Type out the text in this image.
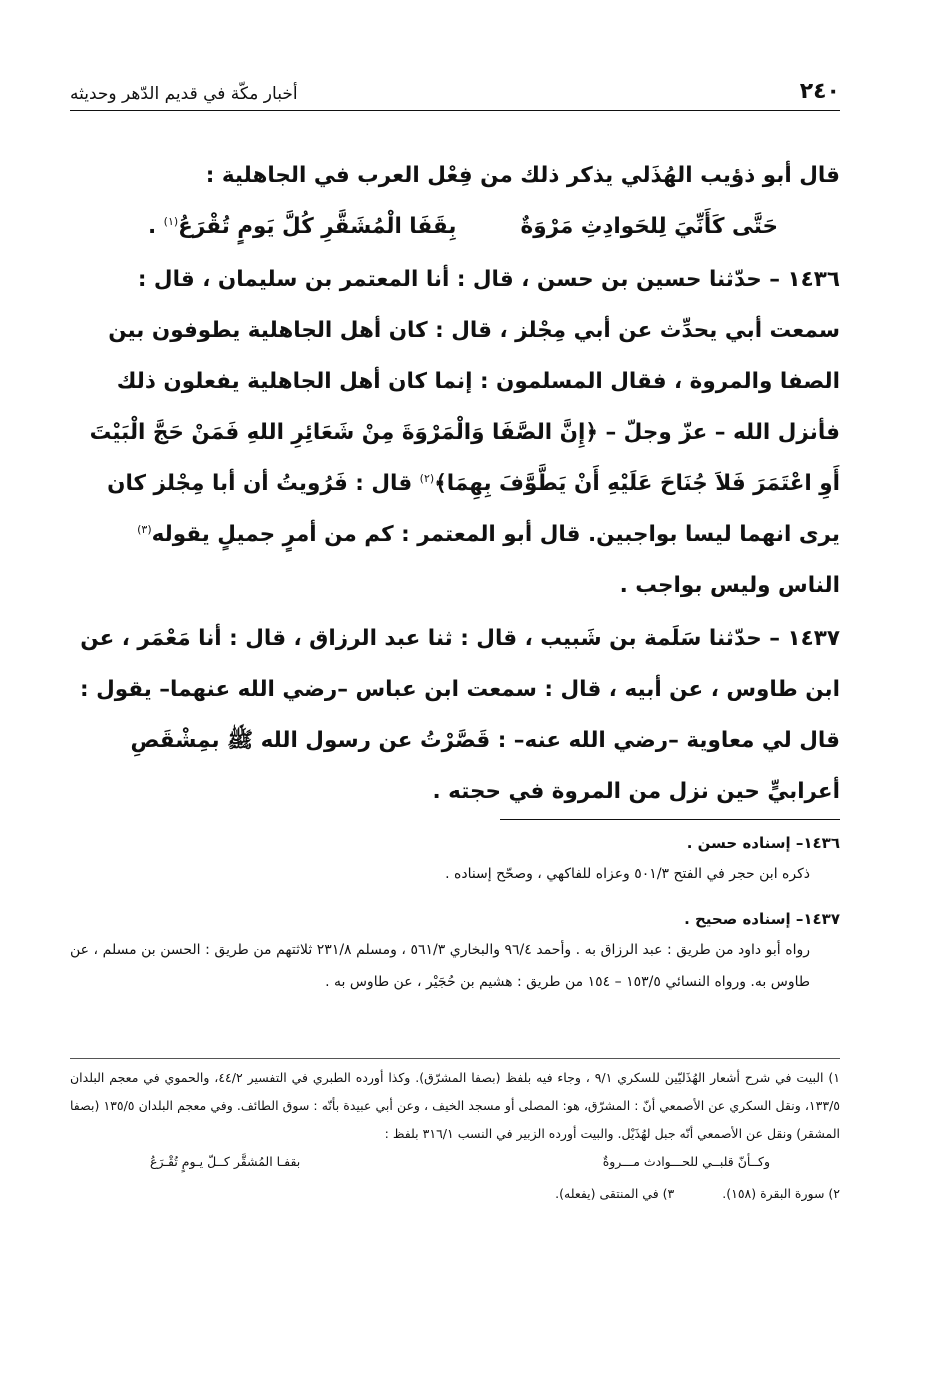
٢٤٠
أخبار مكّة في قديم الدّهر وحديثه

قال أبو ذؤيب الهُذَلي يذكر ذلك من فِعْل العرب في الجاهلية :

حَتَّى كَأَنِّيَ لِلحَوادِثِ مَرْوَةٌ
بِقَفَا الْمُشَقَّرِ كُلَّ يَومٍ تُقْرَعُ$^{(١)}$ .

١٤٣٦ – حدّثنا حسين بن حسن ، قال : أنا المعتمر بن سليمان ، قال : سمعت أبي يحدِّث عن أبي مِجْلز ، قال : كان أهل الجاهلية يطوفون بين الصفا والمروة ، فقال المسلمون : إنما كان أهل الجاهلية يفعلون ذلك فأنزل الله – عزّ وجلّ – ﴿إِنَّ الصَّفَا وَالْمَرْوَةَ مِنْ شَعَائِرِ اللهِ فَمَنْ حَجَّ الْبَيْتَ أَوِ اعْتَمَرَ فَلاَ جُنَاحَ عَلَيْهِ أَنْ يَطَّوَّفَ بِهِمَا﴾$^{(٢)}$ قال : فَرُويتُ أن أبا مِجْلز كان يرى انهما ليسا بواجبين. قال أبو المعتمر : كم من أمرٍ جميلٍ يقوله$^{(٣)}$ الناس وليس بواجب .

١٤٣٧ – حدّثنا سَلَمة بن شَبيب ، قال : ثنا عبد الرزاق ، قال : أنا مَعْمَر ، عن ابن طاوس ، عن أبيه ، قال : سمعت ابن عباس –رضي الله عنهما– يقول : قال لي معاوية –رضي الله عنه– : قَصَّرْتُ عن رسول الله ﷺ بمِشْقَصِ أعرابيٍّ حين نزل من المروة في حجته .

١٤٣٦– إسناده حسن .

ذكره ابن حجر في الفتح ٥٠١/٣ وعزاه للفاكهي ، وصحّح إسناده .

١٤٣٧– إسناده صحيح .

رواه أبو داود من طريق : عبد الرزاق به . وأحمد ٩٦/٤ والبخاري ٥٦١/٣ ، ومسلم ٢٣١/٨ ثلاثتهم من طريق : الحسن بن مسلم ، عن طاوس به. ورواه النسائي ١٥٣/٥ – ١٥٤ من طريق : هشيم بن حُجَيْر ، عن طاوس به .

١) البيت في شرح أشعار الهُذَليّين للسكري ٩/١ ، وجاء فيه بلفظ (بصفا المشرّق). وكذا أورده الطبري في التفسير ٤٤/٢، والحموي في معجم البلدان ١٣٣/٥، ونقل السكري عن الأصمعي أنّ : المشرّق، هو: المصلى أو مسجد الخيف ، وعن أبي عبيدة بأنّه : سوق الطائف. وفي معجم البلدان ١٣٥/٥ (بصفا المشقر) ونقل عن الأصمعي أنّه جبل لهُذَيْل. والبيت أورده الزبير في النسب ٣١٦/١ بلفظ :

وكــأنّ قلبــي للحـــوادث مـــروةٌ
بقفـا المُشقَّر كــلّ يـومٍ تُقْـرَعُ

٢) سورة البقرة (١٥٨).
٣) في المنتقى (يفعله).
